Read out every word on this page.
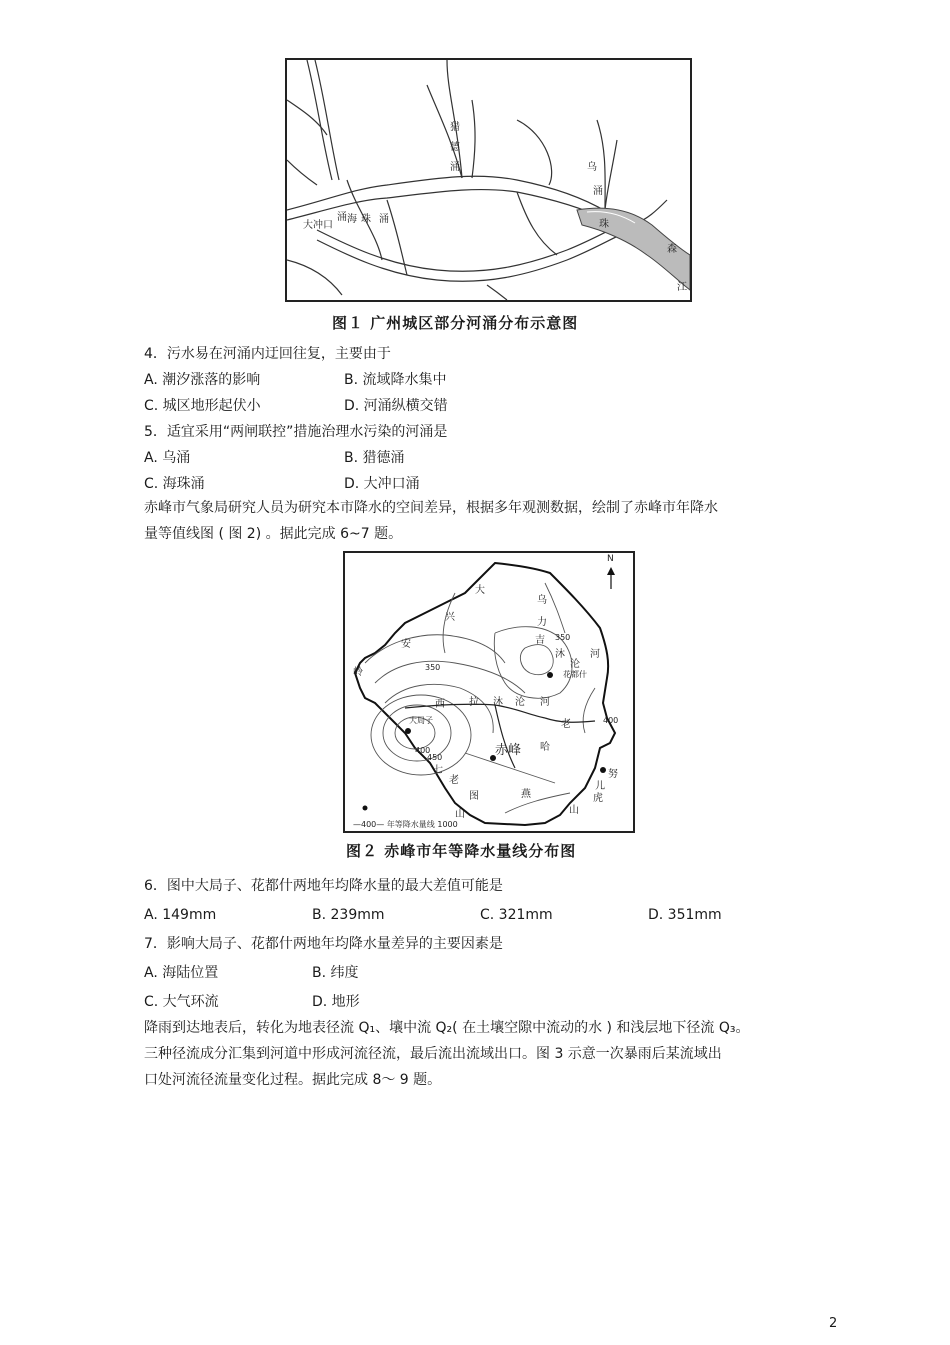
猎
德
涌
海 珠 涌
大冲口
涌
乌
涌
珠
森
江
图１ 广州城区部分河涌分布示意图
4．污水易在河涌内迂回往复，主要由于
A. 潮汐涨落的影响	B. 流域降水集中
C. 城区地形起伏小	D. 河涌纵横交错
5．适宜采用“两闸联控”措施治理水污染的河涌是
A. 乌涌	B. 猎德涌
C. 海珠涌	D. 大冲口涌
赤峰市气象局研究人员为研究本市降水的空间差异，根据多年观测数据，绘制了赤峰市年降水
量等值线图 ( 图 2) 。据此完成 6~7 题。
N
大
兴
安
岭
乌
力
吉
沐
沦
河
花都什
西 拉 沐 沦 河
老
哈
大局子
赤峰
七
老
图
山
努
儿
虎
山
燕
350
350
400
450
400
—400— 年等降水量线 1000
图２ 赤峰市年等降水量线分布图
6．图中大局子、花都什两地年均降水量的最大差值可能是
A. 149mm	B. 239mm	C. 321mm	D. 351mm
7．影响大局子、花都什两地年均降水量差异的主要因素是
A. 海陆位置	B. 纬度
C. 大气环流	D. 地形
降雨到达地表后，转化为地表径流 Q₁、壤中流 Q₂( 在土壤空隙中流动的水 ) 和浅层地下径流 Q₃。
三种径流成分汇集到河道中形成河流径流，最后流出流域出口。图 3 示意一次暴雨后某流域出
口处河流径流量变化过程。据此完成 8～ 9 题。
2
